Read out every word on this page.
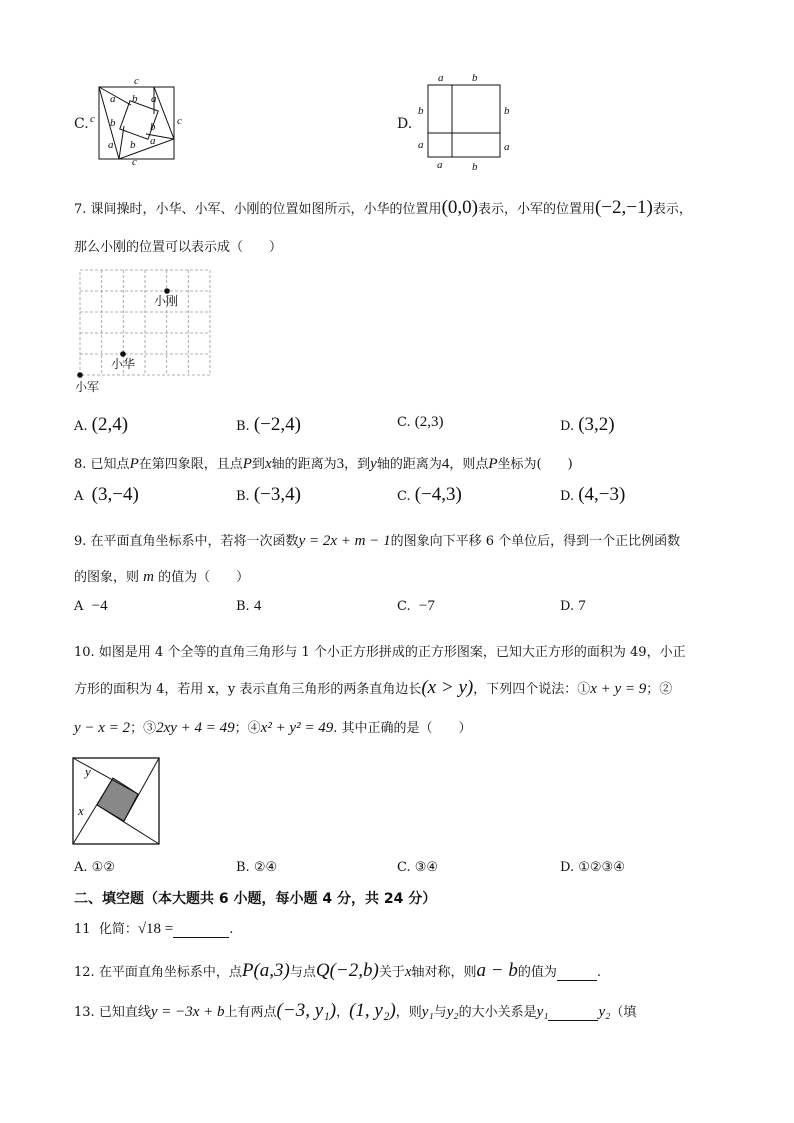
C.
c
c	c
c
a b a
b	b
a b a
D.
a	b
b	b
a	a
a	b
7. 课间操时，小华、小军、小刚的位置如图所示，小华的位置用(0,0)表示，小军的位置用(−2,−1)表示，
那么小刚的位置可以表示成（　　）
小刚
小华
小军
A. (2,4)	B. (−2,4)	C. (2,3)	D. (3,2)
8. 已知点P在第四象限，且点P到x轴的距离为3，到y轴的距离为4，则点P坐标为(　　)
A (3,−4)	B. (−3,4)	C. (−4,3)	D. (4,−3)
9. 在平面直角坐标系中，若将一次函数y = 2x + m − 1的图象向下平移 6 个单位后，得到一个正比例函数
的图象，则 m 的值为（　　）
A −4	B. 4	C. −7	D. 7
10. 如图是用 4 个全等的直角三角形与 1 个小正方形拼成的正方形图案，已知大正方形的面积为 49，小正
方形的面积为 4，若用 x，y 表示直角三角形的两条直角边长(x > y)，下列四个说法：①x + y = 9；②
y − x = 2；③2xy + 4 = 49；④x² + y² = 49. 其中正确的是（　　）
y
x
A. ①②	B. ②④	C. ③④	D. ①②③④
二、填空题（本大题共 6 小题，每小题 4 分，共 24 分）
11 化简：√18 =	.
12. 在平面直角坐标系中，点P(a,3)与点Q(−2,b)关于x轴对称，则a − b的值为	.
13. 已知直线y = −3x + b上有两点(−3, y₁)，(1, y₂)，则y₁与y₂的大小关系是y₁	y₂（填
